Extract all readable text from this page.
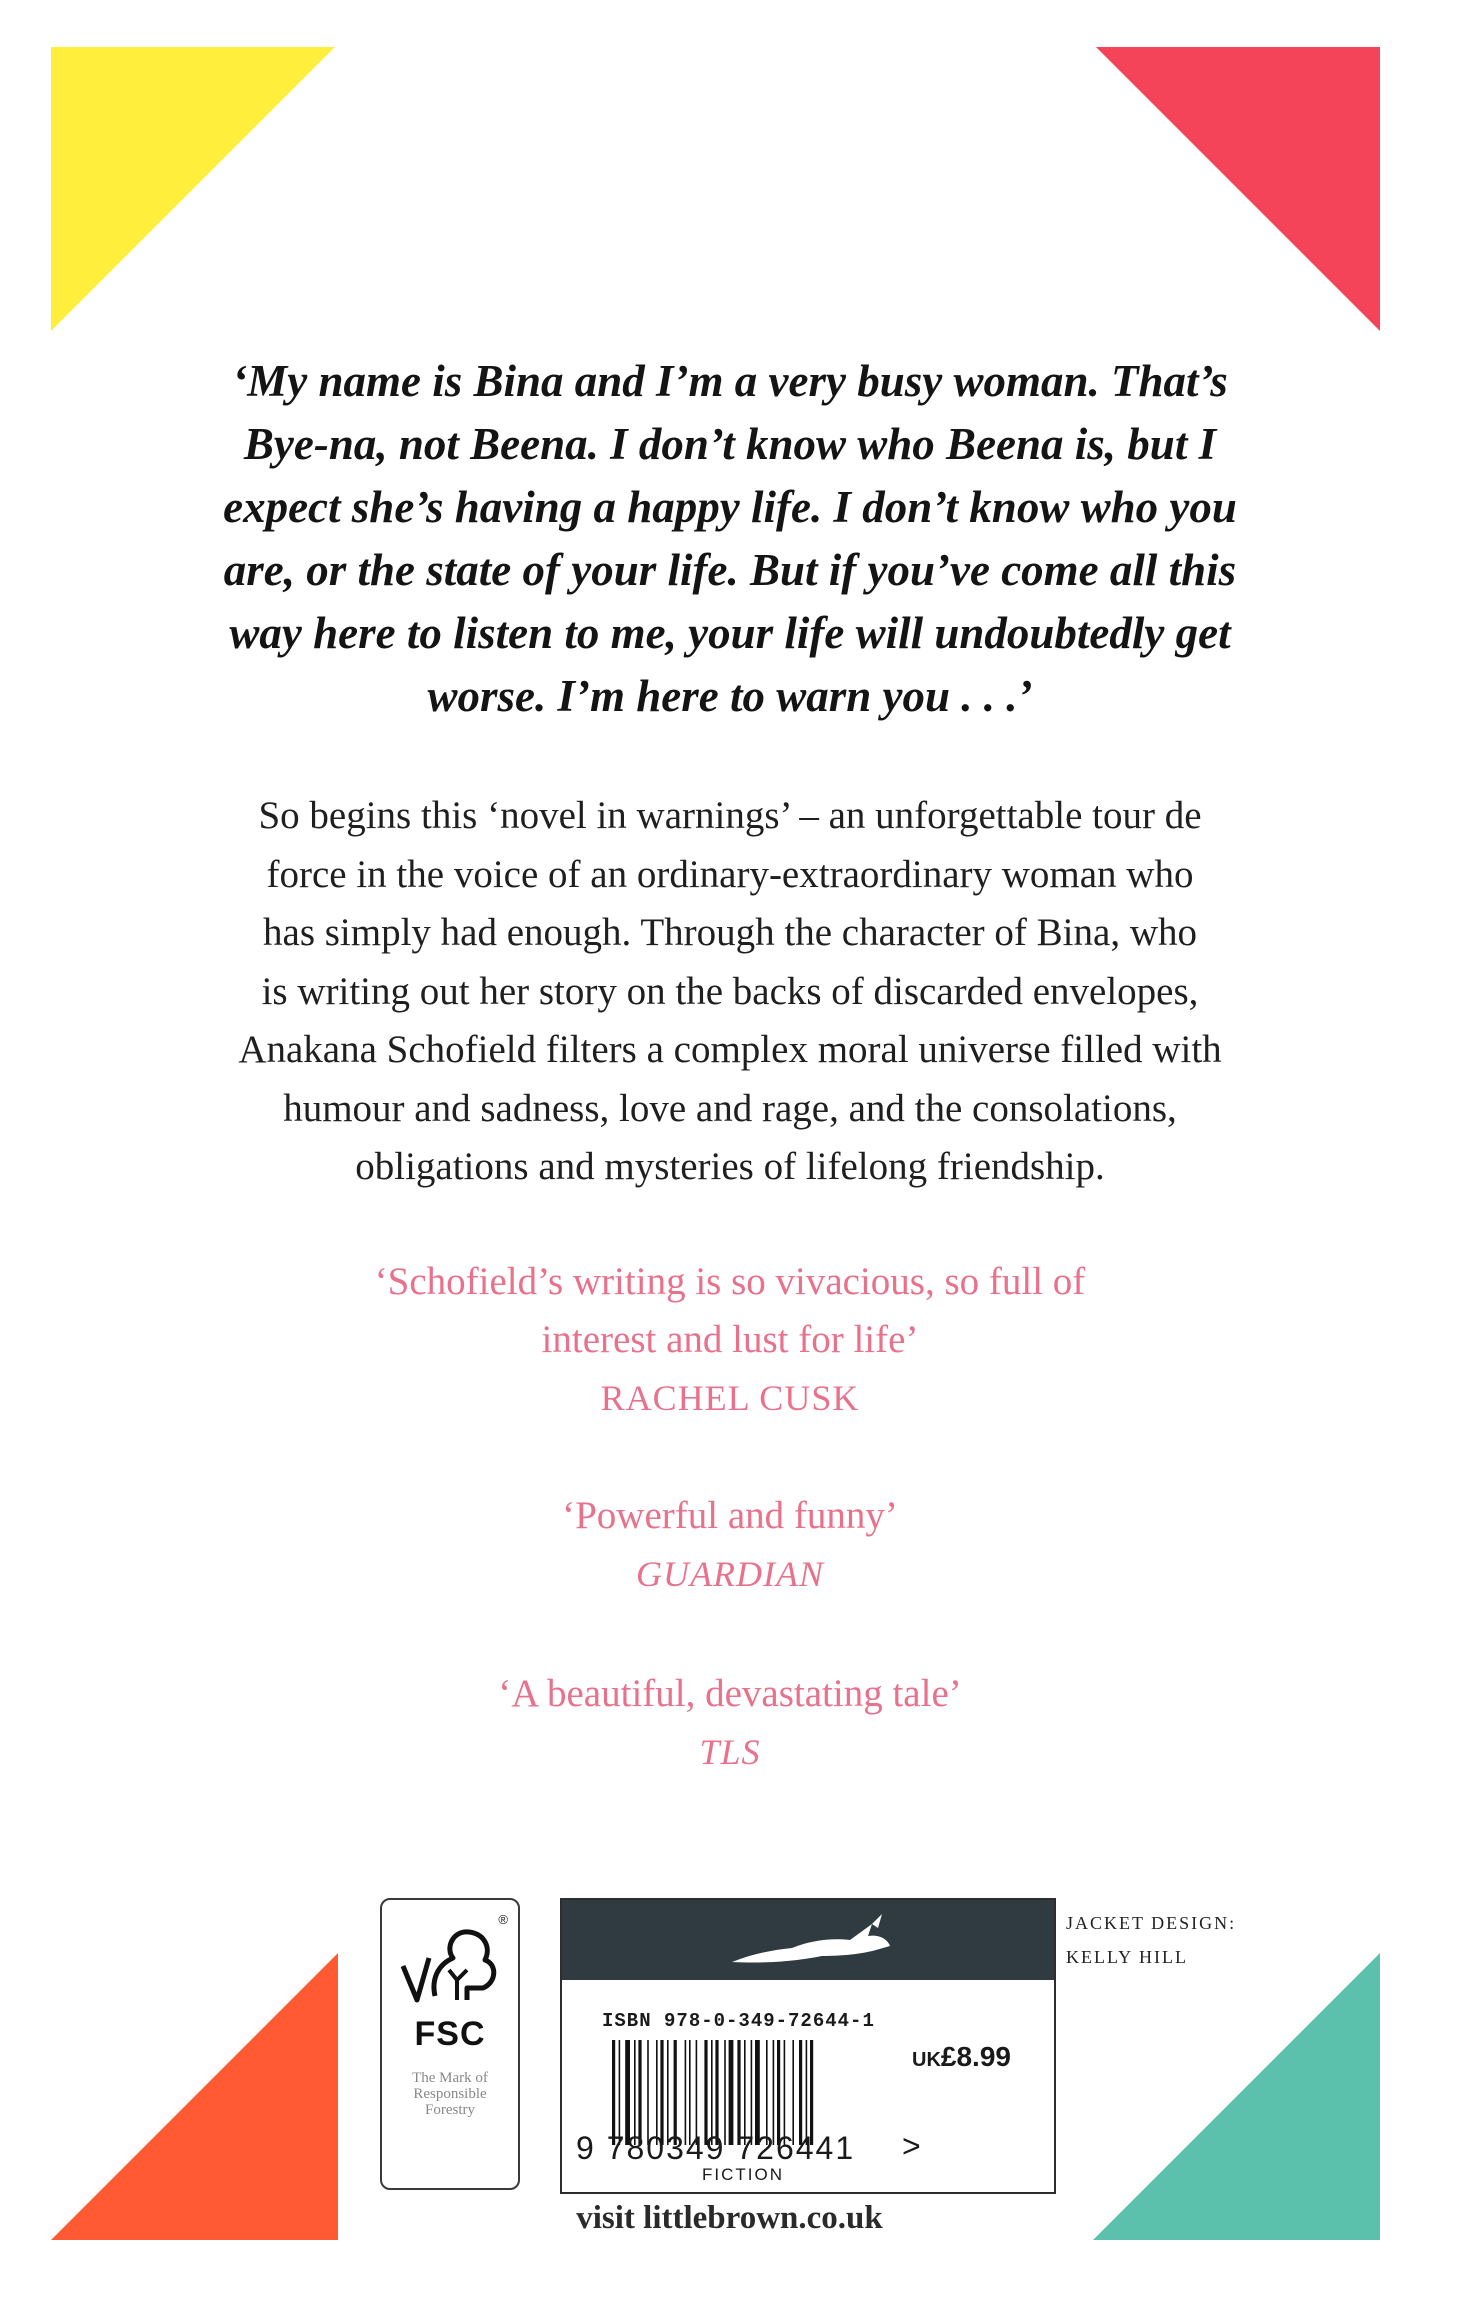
‘My name is Bina and I’m a very busy woman. That’s
Bye-na, not Beena. I don’t know who Beena is, but I
expect she’s having a happy life. I don’t know who you
are, or the state of your life. But if you’ve come all this
way here to listen to me, your life will undoubtedly get
worse. I’m here to warn you . . .’
So begins this ‘novel in warnings’ – an unforgettable tour de
force in the voice of an ordinary-extraordinary woman who
has simply had enough. Through the character of Bina, who
is writing out her story on the backs of discarded envelopes,
Anakana Schofield filters a complex moral universe filled with
humour and sadness, love and rage, and the consolations,
obligations and mysteries of lifelong friendship.
‘Schofield’s writing is so vivacious, so full of
interest and lust for life’
RACHEL CUSK
‘Powerful and funny’
GUARDIAN
‘A beautiful, devastating tale’
TLS
®
FSC
The Mark of
Responsible
Forestry
ISBN 978-0-349-72644-1
UK£8.99
9 780349 726441 >
FICTION
JACKET DESIGN:
KELLY HILL
visit littlebrown.co.uk
